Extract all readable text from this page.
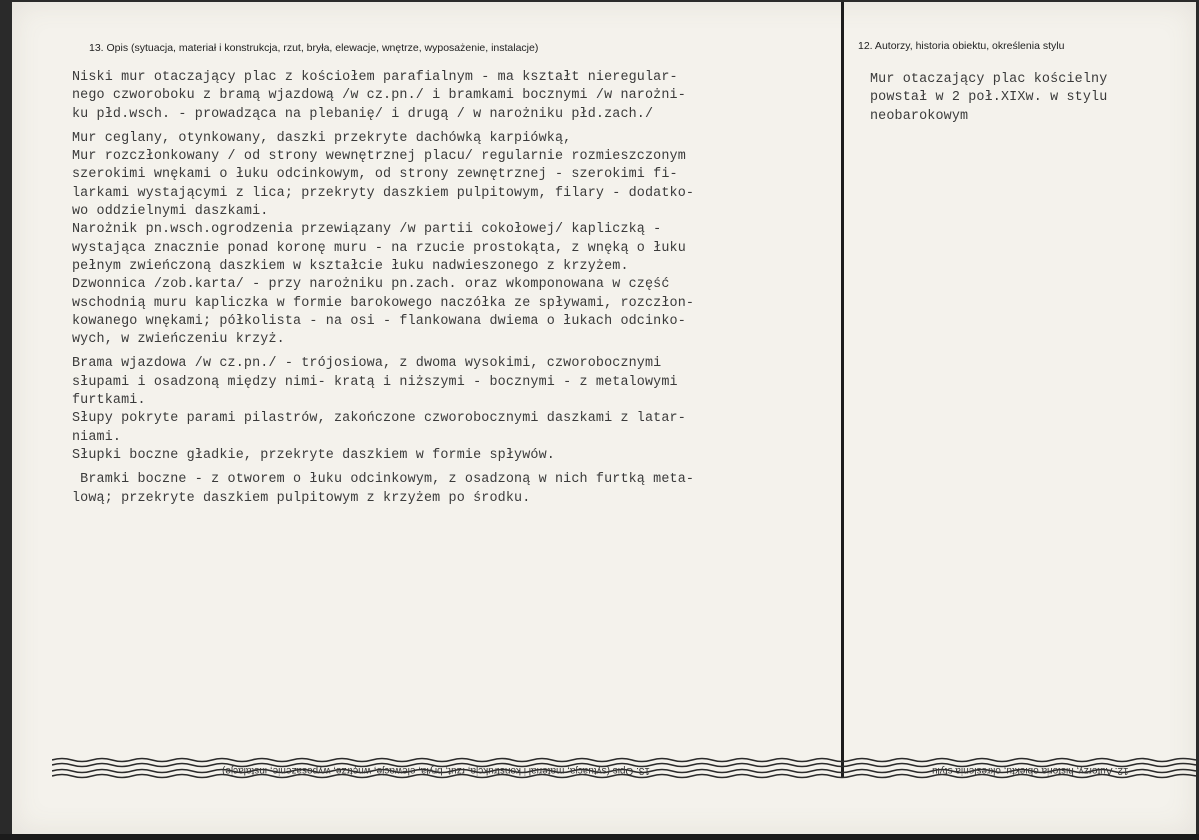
13. Opis (sytuacja, materiał i konstrukcja, rzut, bryła, elewacje, wnętrze, wyposażenie, instalacje)	12. Autorzy, historia obiektu, określenia stylu

Niski mur otaczający plac z kościołem parafialnym - ma kształt nieregular-
nego czworoboku z bramą wjazdową /w cz.pn./ i bramkami bocznymi /w narożni-
ku płd.wsch. - prowadząca na plebanię/ i drugą / w narożniku płd.zach./

Mur ceglany, otynkowany, daszki przekryte dachówką karpiówką,
Mur rozczłonkowany / od strony wewnętrznej placu/ regularnie rozmieszczonym
szerokimi wnękami o łuku odcinkowym, od strony zewnętrznej - szerokimi fi-
larkami wystającymi z lica; przekryty daszkiem pulpitowym, filary - dodatko-
wo oddzielnymi daszkami.
Narożnik pn.wsch.ogrodzenia przewiązany /w partii cokołowej/ kapliczką -
wystająca znacznie ponad koronę muru - na rzucie prostokąta, z wnęką o łuku
pełnym zwieńczoną daszkiem w kształcie łuku nadwieszonego z krzyżem.
Dzwonnica /zob.karta/ - przy narożniku pn.zach. oraz wkomponowana w część
wschodnią muru kapliczka w formie barokowego naczółka ze spływami, rozczłon-
kowanego wnękami; półkolista - na osi - flankowana dwiema o łukach odcinko-
wych, w zwieńczeniu krzyż.

Brama wjazdowa /w cz.pn./ - trójosiowa, z dwoma wysokimi, czworobocznymi
słupami i osadzoną między nimi- kratą i niższymi - bocznymi - z metalowymi
furtkami.
Słupy pokryte parami pilastrów, zakończone czworobocznymi daszkami z latar-
niami.
Słupki boczne gładkie, przekryte daszkiem w formie spływów.

Bramki boczne - z otworem o łuku odcinkowym, z osadzoną w nich furtką meta-
lową; przekryte daszkiem pulpitowym z krzyżem po środku.

Mur otaczający plac kościelny
powstał w 2 poł.XIXw. w stylu
neobarokowym
13. Opis (sytuacja, materiał i konstrukcja, rzut, bryła, elewacje, wnętrze, wyposażenie, instalacje)	12. Autorzy, historia obiektu, określenia stylu
